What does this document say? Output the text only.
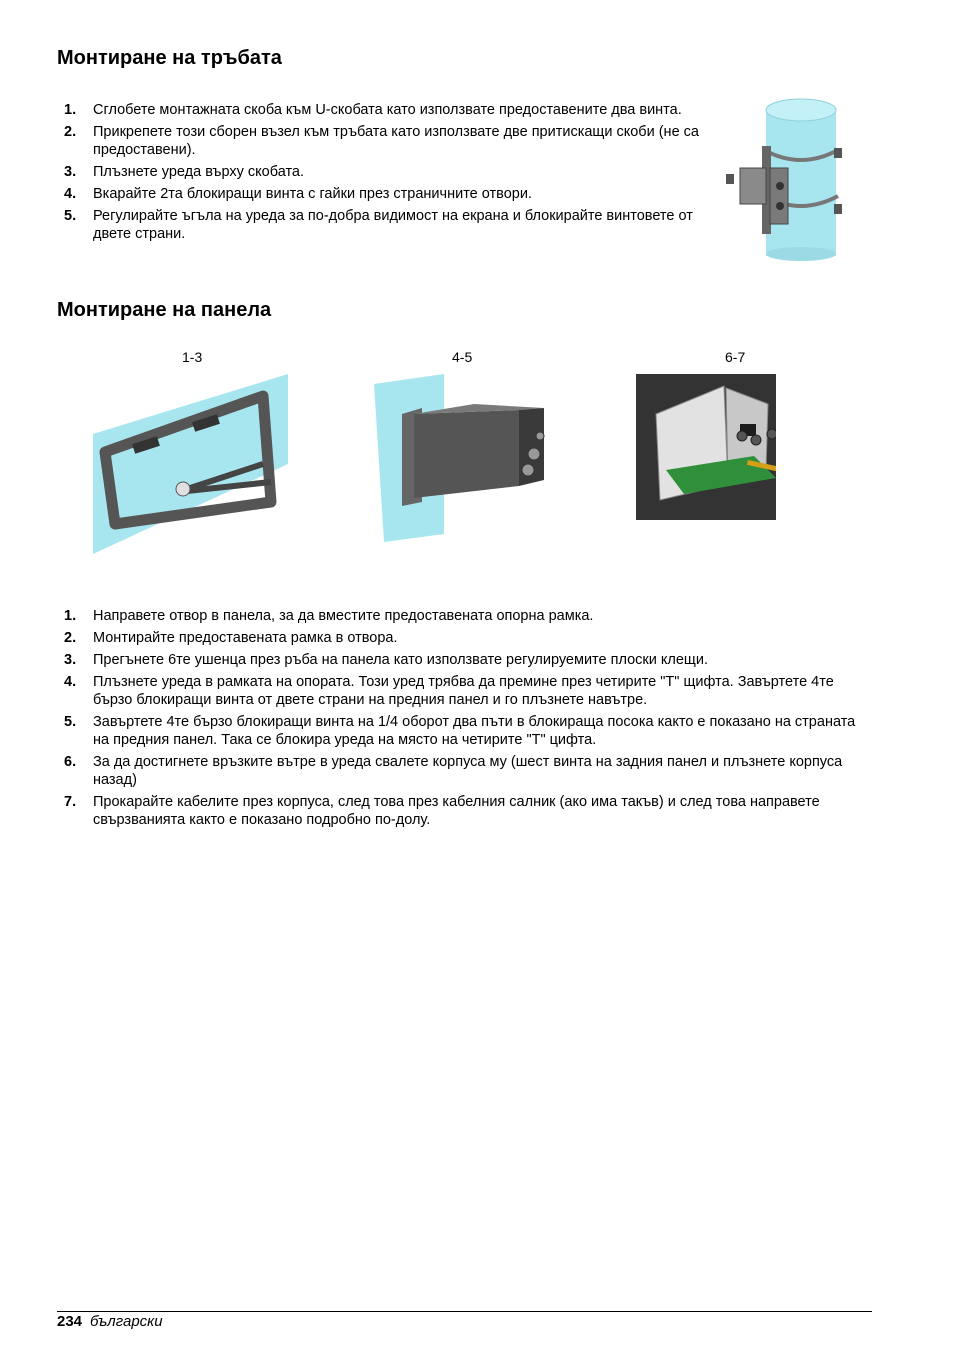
Монтиране на тръбата
1. Сглобете монтажната скоба към U-скобата като използвате предоставените два винта.
2. Прикрепете този сборен възел към тръбата като използвате две притискащи скоби (не са предоставени).
3. Плъзнете уреда върху скобата.
4. Вкарайте 2та блокиращи винта с гайки през страничните отвори.
5. Регулирайте ъгъла на уреда за по-добра видимост на екрана и блокирайте винтовете от двете страни.
Монтиране на панела
1-3	4-5	6-7
1. Направете отвор в панела, за да вместите предоставената опорна рамка.
2. Монтирайте предоставената рамка в отвора.
3. Прегънете 6те ушенца през ръба на панела като използвате регулируемите плоски клещи.
4. Плъзнете уреда в рамката на опората. Този уред трябва да премине през четирите "T" щифта. Завъртете 4те бързо блокиращи винта от двете страни на предния панел и го плъзнете навътре.
5. Завъртете 4те бързо блокиращи винта на 1/4 оборот два пъти в блокираща посока както е показано на страната на предния панел. Така се блокира уреда на място на четирите "T" цифта.
6. За да достигнете връзките вътре в уреда свалете корпуса му (шест винта на задния панел и плъзнете корпуса назад)
7. Прокарайте кабелите през корпуса, след това през кабелния салник (ако има такъв) и след това направете свързванията както е показано подробно по-долу.
234 български
